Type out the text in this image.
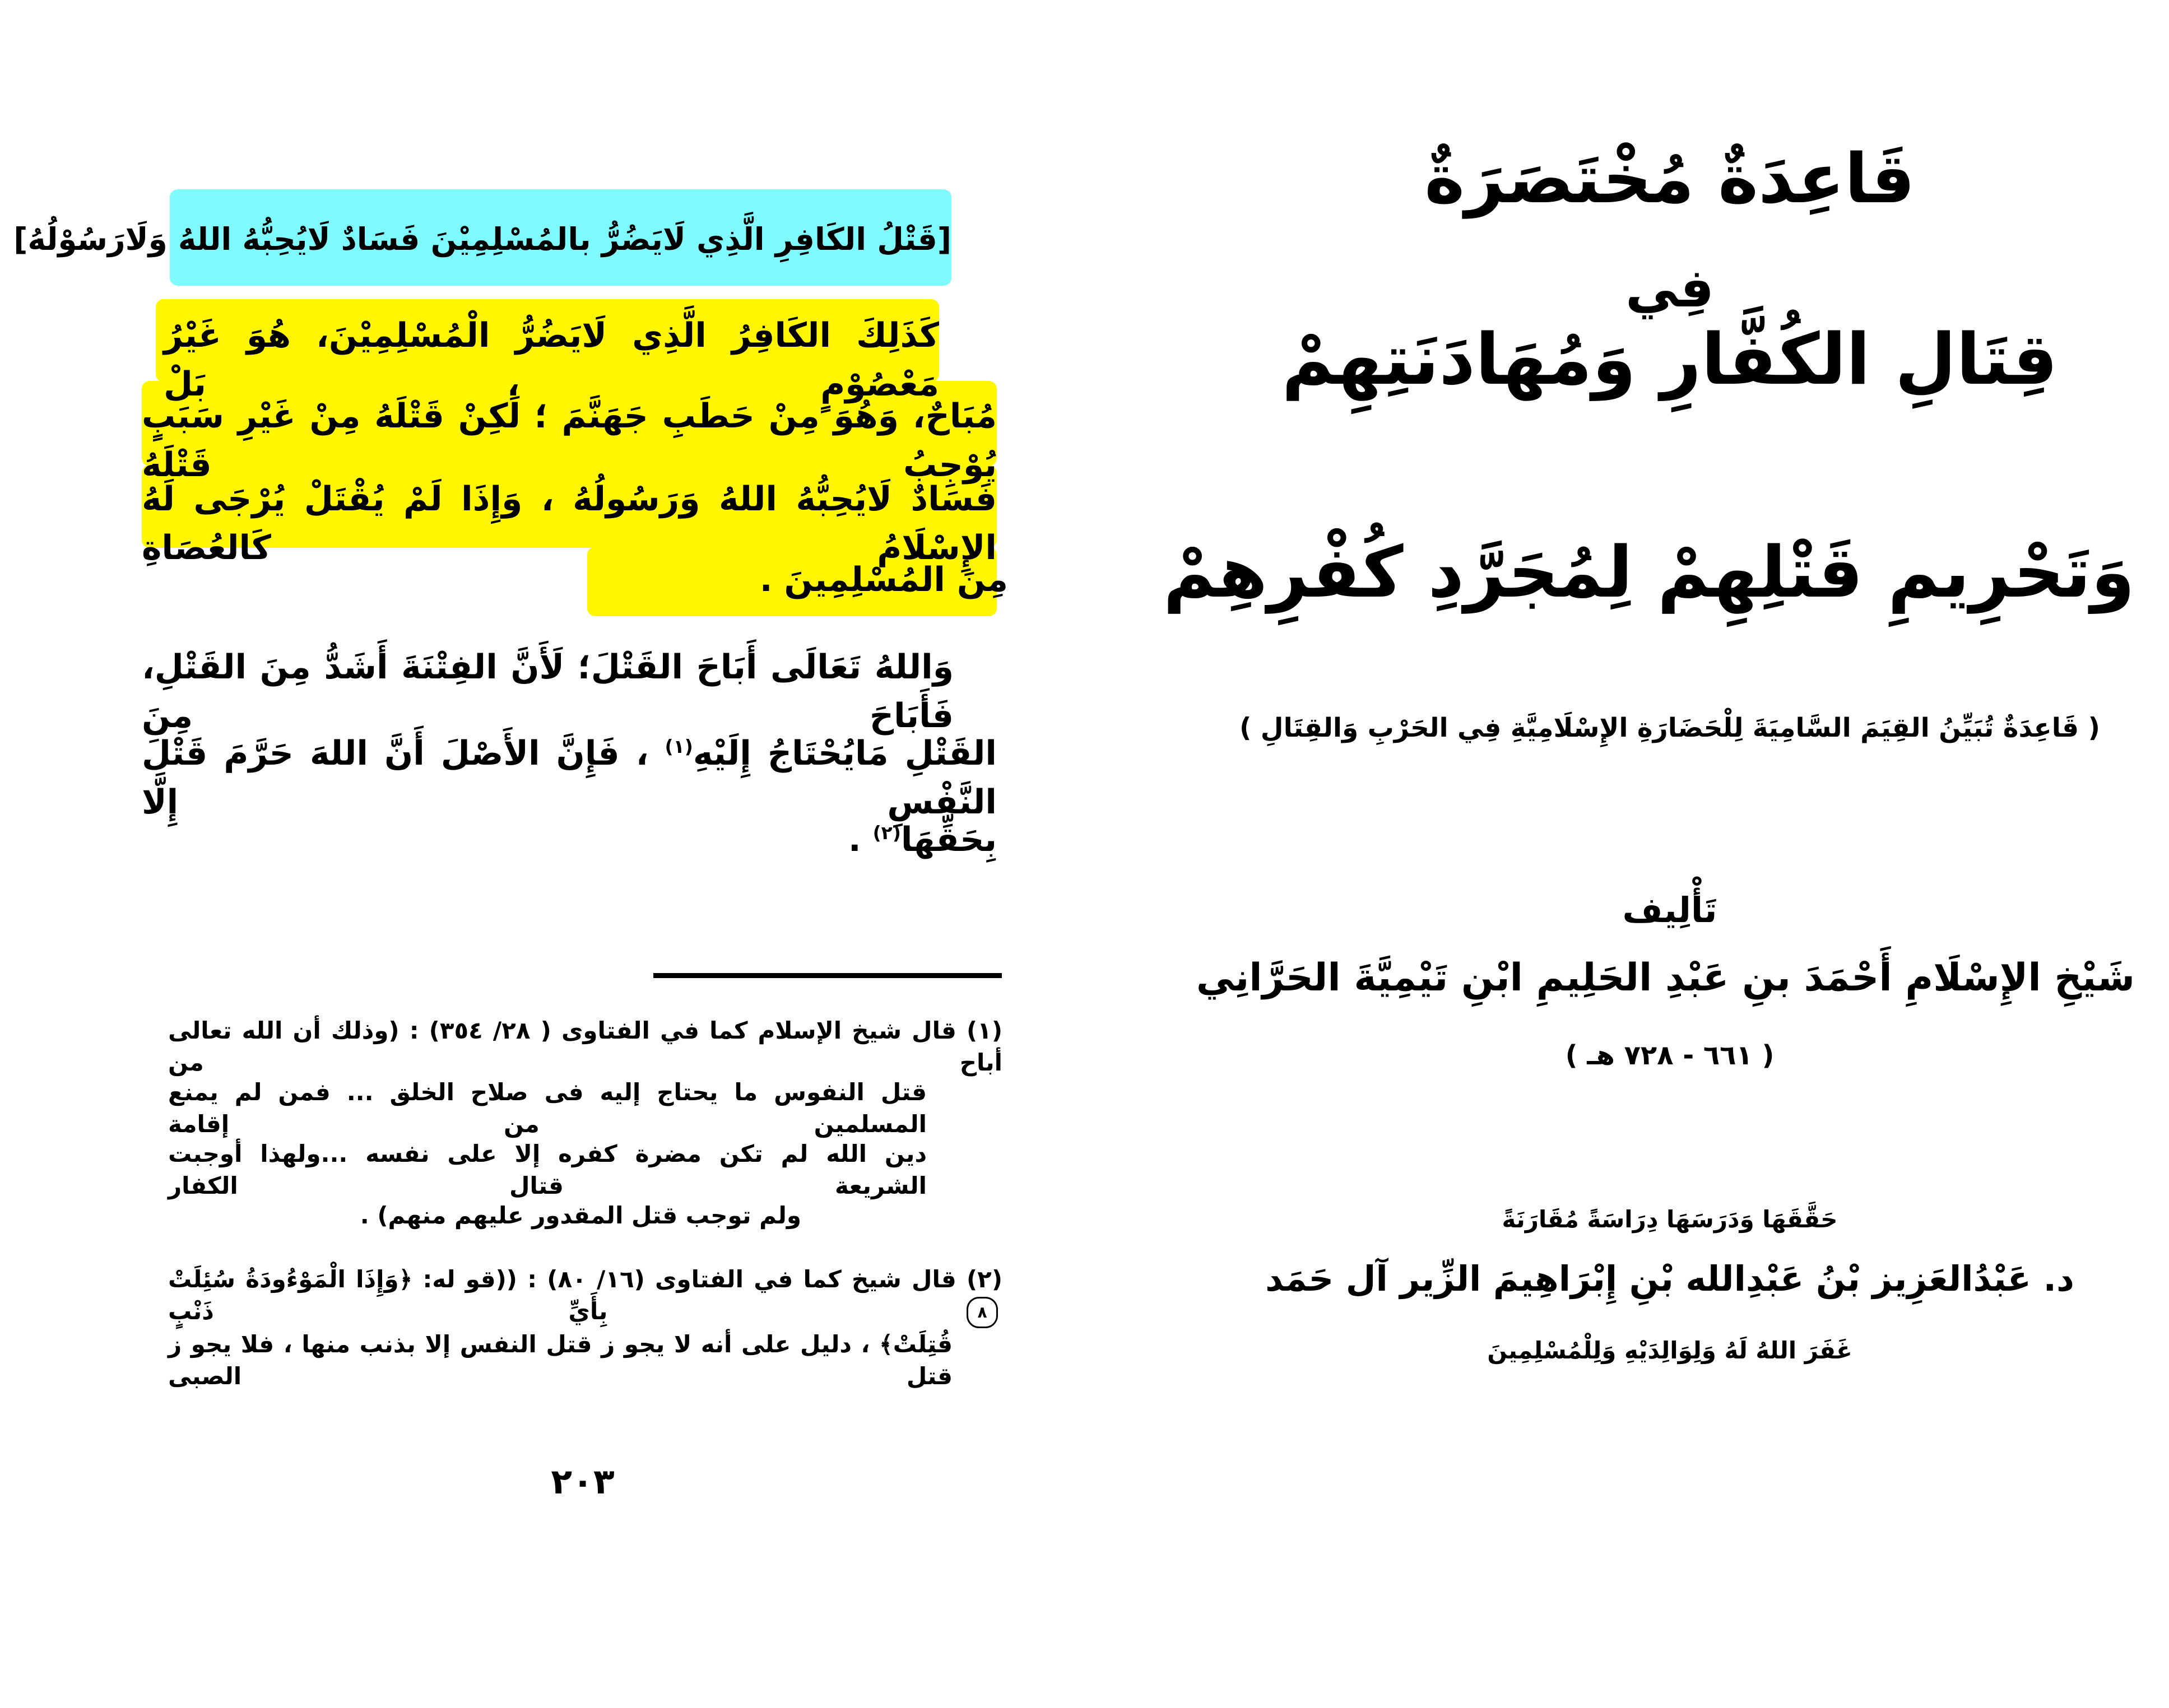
[قَتْلُ الكَافِرِ الَّذِي لَايَضُرُّ بالمُسْلِمِيْنَ فَسَادٌ لَايُحِبُّهُ اللهُ وَلَارَسُوْلُهُ]
كَذَلِكَ الكَافِرُ الَّذِي لَايَضُرُّ الْمُسْلِمِيْنَ، هُوَ غَيْرُ مَعْصُوْمٍ ، بَلْ
مُبَاحٌ، وَهُوَ مِنْ حَطَبِ جَهَنَّمَ ؛ لَكِنْ قَتْلَهُ مِنْ غَيْرِ سَبَبٍ يُوْجِبُ قَتْلَهُ
فَسَادٌ لَايُحِبُّهُ اللهُ وَرَسُولُهُ ، وَإِذَا لَمْ يُقْتَلْ يُرْجَى لَهُ الإِسْلَامُ كَالعُصَاةِ
مِنَ المُسْلِمِينَ .
وَاللهُ تَعَالَى أَبَاحَ القَتْلَ؛ لَأَنَّ الفِتْنَةَ أَشَدُّ مِنَ القَتْلِ، فَأَبَاحَ مِنَ
القَتْلِ مَايُحْتَاجُ إِلَيْهِ$^{(١)}$ ، فَإِنَّ الأَصْلَ أَنَّ اللهَ حَرَّمَ قَتْلَ النَّفْسِ إِلَّا
بِحَقِّهَا$^{(٢)}$ .
(١) قال شيخ الإسلام كما في الفتاوى ( ٢٨/ ٣٥٤) : (وذلك أن الله تعالى أباح من
قتل النفوس ما يحتاج إليه فى صلاح الخلق ... فمن لم يمنع المسلمين من إقامة
دين الله لم تكن مضرة كفره إلا على نفسه ...ولهذا أوجبت الشريعة قتال الكفار
ولم توجب قتل المقدور عليهم منهم) .
(٢) قال شيخ كما في الفتاوى (١٦/ ٨٠) : ((قو له: ﴿وَإِذَا الْمَوْءُودَةُ سُئِلَتْ ٨ بِأَيِّ ذَنْبٍ
قُتِلَتْ﴾ ، دليل على أنه لا يجو ز قتل النفس إلا بذنب منها ، فلا يجو ز قتل الصبى
٢٠٣
قَاعِدَةٌ مُخْتَصَرَةٌ
فِي
قِتَالِ الكُفَّارِ وَمُهَادَنَتِهِمْ
وَتَحْرِيمِ قَتْلِهِمْ لِمُجَرَّدِ كُفْرِهِمْ
( قَاعِدَةٌ تُبَيِّنُ القِيَمَ السَّامِيَةَ لِلْحَضَارَةِ الإِسْلَامِيَّةِ فِي الحَرْبِ وَالقِتَالِ )
تَأْلِيف
شَيْخِ الإِسْلَامِ أَحْمَدَ بنِ عَبْدِ الحَلِيمِ ابْنِ تَيْمِيَّةَ الحَرَّانِي
( ٦٦١ - ٧٢٨ هـ )
حَقَّقَهَا وَدَرَسَهَا دِرَاسَةً مُقَارَنَةً
د. عَبْدُالعَزِيز بْنُ عَبْدِالله بْنِ إِبْرَاهِيمَ الزِّير آل حَمَد
غَفَرَ اللهُ لَهُ وَلِوَالِدَيْهِ وَلِلْمُسْلِمِينَ
